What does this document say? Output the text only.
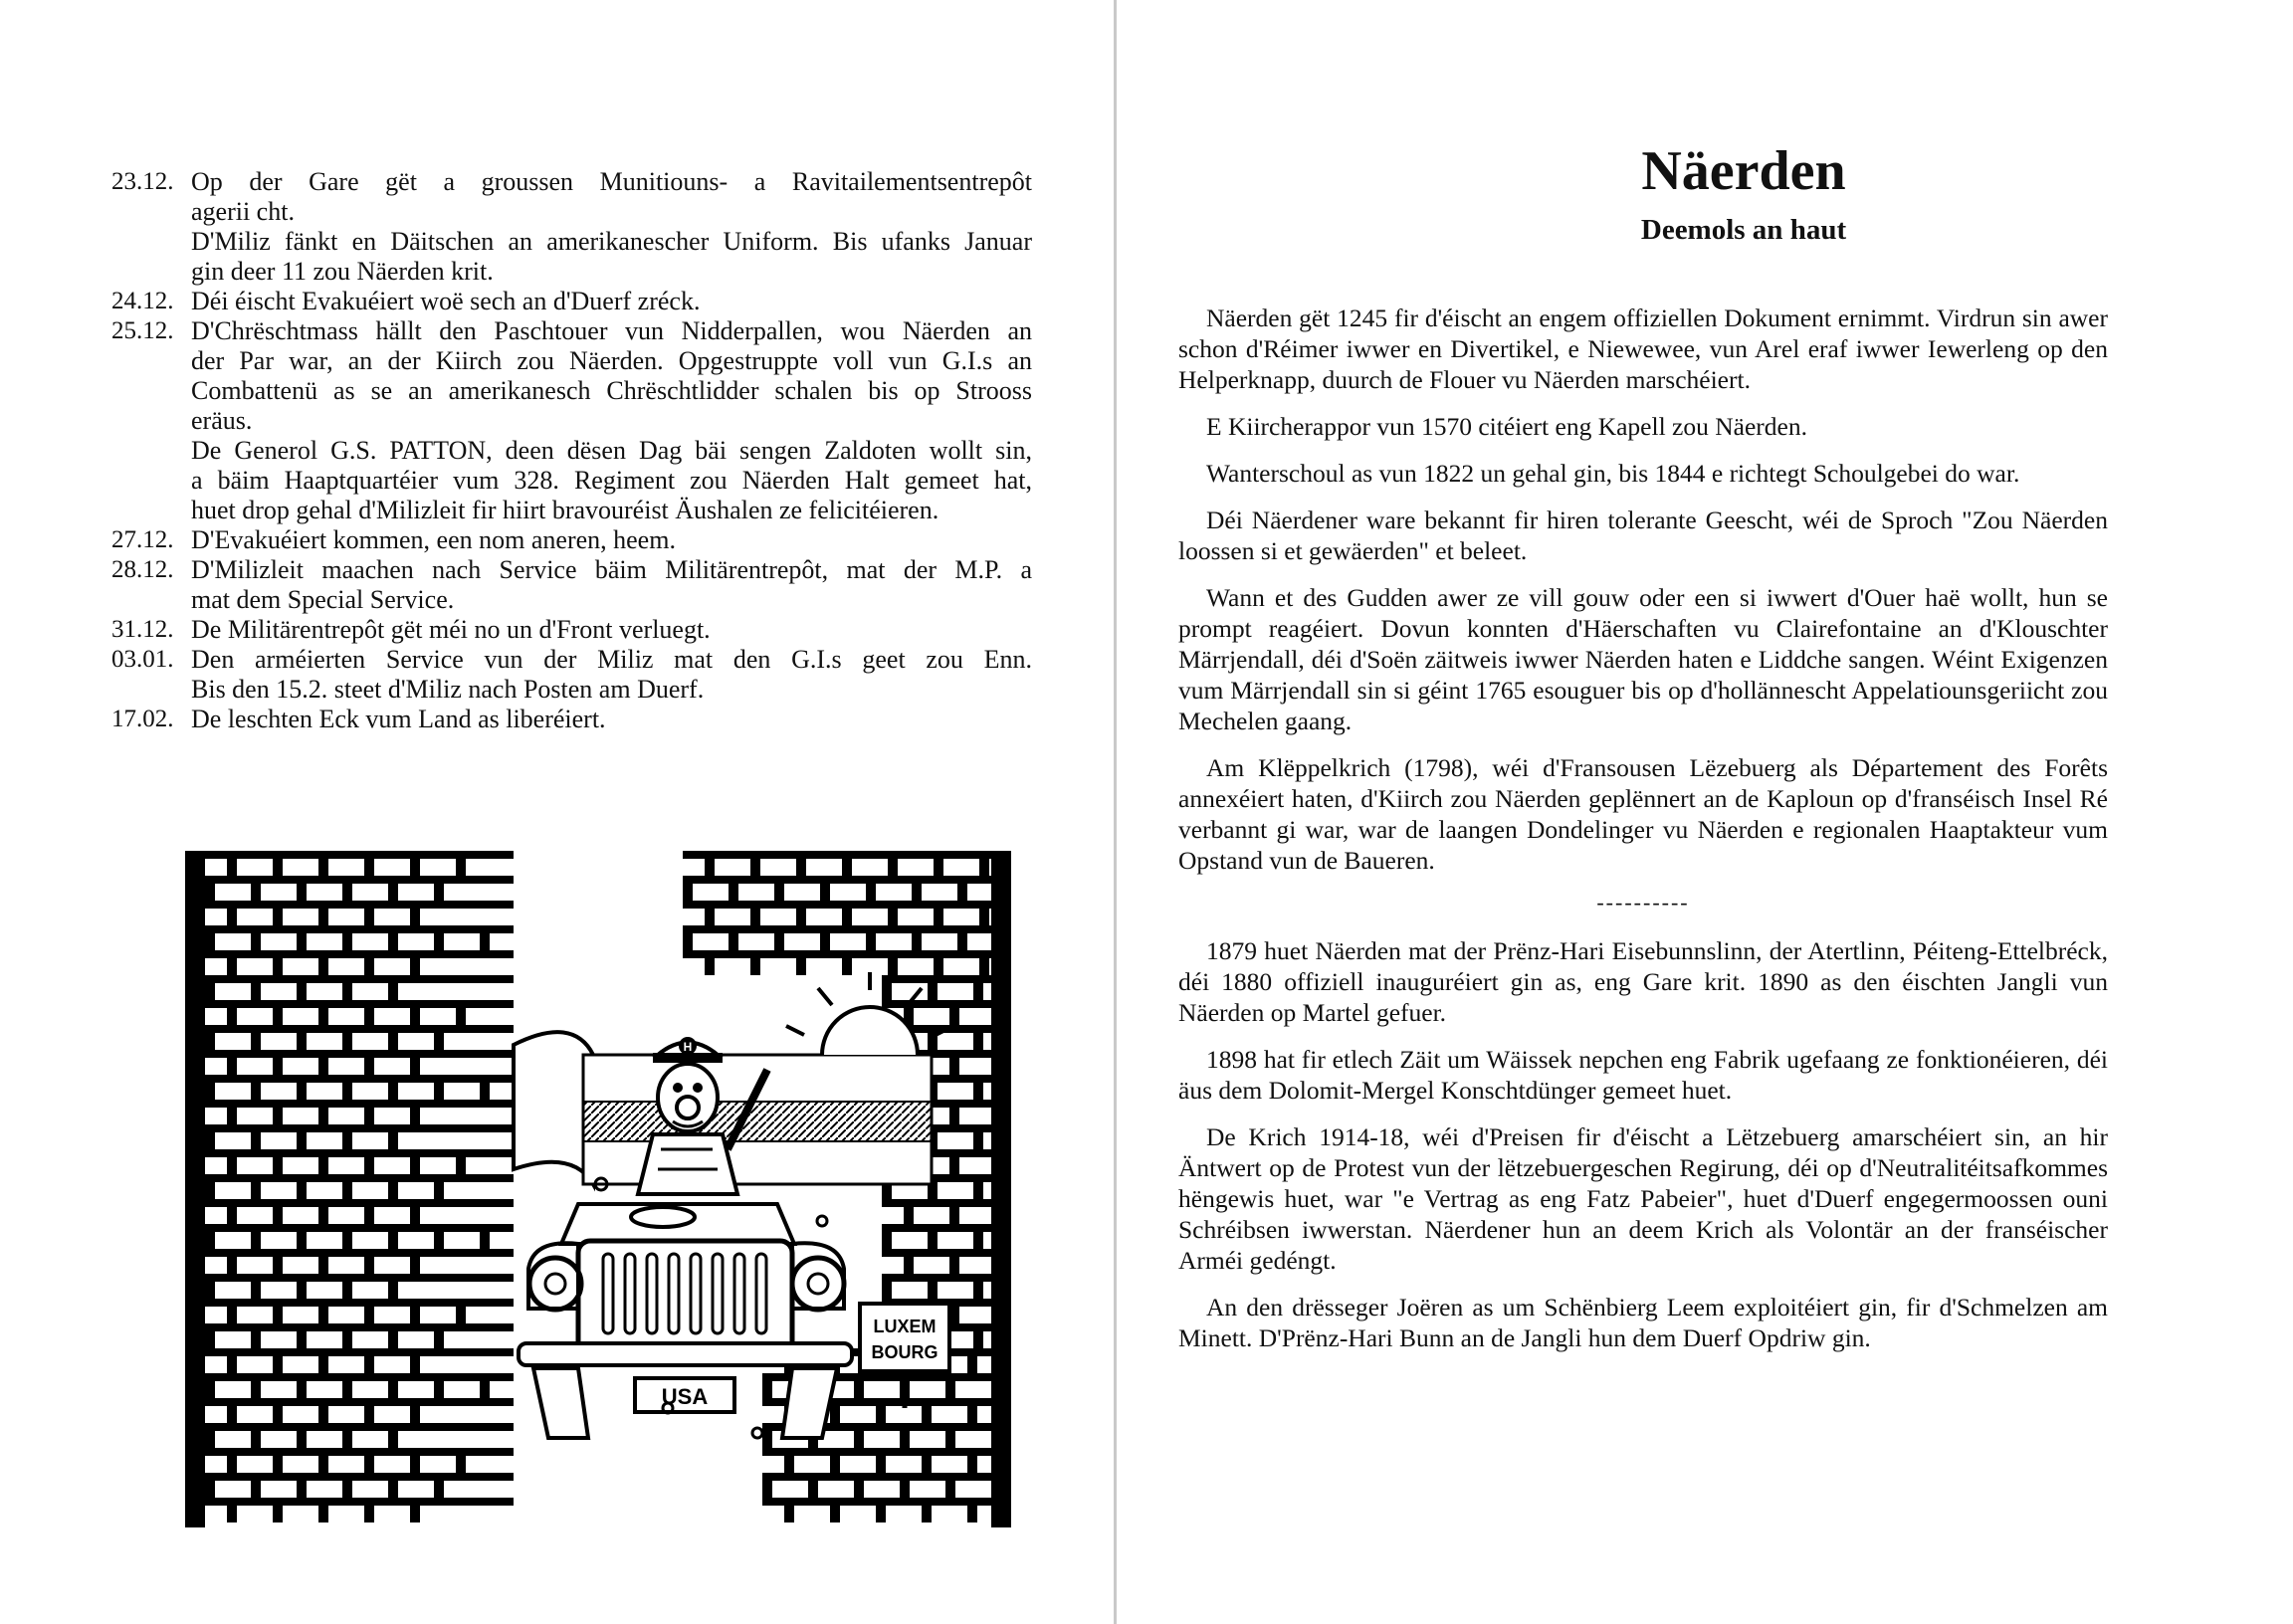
23.12. Op der Gare gët a groussen Munitiouns- a Ravitailementsentrepôt

agerii cht.

D'Miliz fänkt en Däitschen an amerikanescher Uniform. Bis ufanks Januar

gin deer 11 zou Näerden krit.

24.12. Déi éischt Evakuéiert woë sech an d'Duerf zréck.

25.12. D'Chrëschtmass hällt den Paschtouer vun Nidderpallen, wou Näerden an

der Par war, an der Kiirch zou Näerden. Opgestruppte voll vun G.I.s an

Combattenü as se an amerikanesch Chrëschtlidder schalen bis op Strooss

eräus.

De Generol G.S. PATTON, deen dësen Dag bäi sengen Zaldoten wollt sin,

a bäim Haaptquartéier vum 328. Regiment zou Näerden Halt gemeet hat,

huet drop gehal d'Milizleit fir hiirt bravouréist Äushalen ze felicitéieren.

27.12. D'Evakuéiert kommen, een nom aneren, heem.

28.12. D'Milizleit maachen nach Service bäim Militärentrepôt, mat der M.P. a

mat dem Special Service.

31.12. De Militärentrepôt gët méi no un d'Front verluegt.

03.01. Den arméierten Service vun der Miliz mat den G.I.s geet zou Enn.

Bis den 15.2. steet d'Miliz nach Posten am Duerf.

17.02. De leschten Eck vum Land as liberéiert.

H
USA
LUXEM
BOURG
Näerden
Deemols an haut

Näerden gët 1245 fir d'éischt an engem offiziellen Dokument ernimmt. Virdrun sin awer schon d'Réimer iwwer en Divertikel, e Niewewee, vun Arel eraf iwwer Iewerleng op den Helperknapp, duurch de Flouer vu Näerden marschéiert.

E Kiircherappor vun 1570 citéiert eng Kapell zou Näerden.

Wanterschoul as vun 1822 un gehal gin, bis 1844 e richtegt Schoulgebei do war.

Déi Näerdener ware bekannt fir hiren tolerante Geescht, wéi de Sproch "Zou Näerden loossen si et gewäerden" et beleet.

Wann et des Gudden awer ze vill gouw oder een si iwwert d'Ouer haë wollt, hun se prompt reagéiert. Dovun konnten d'Häerschaften vu Clairefontaine an d'Klouschter Märrjendall, déi d'Soën zäitweis iwwer Näerden haten e Liddche sangen. Wéint Exigenzen vum Märrjendall sin si géint 1765 esouguer bis op d'hollännescht Appelatiounsgeriicht zou Mechelen gaang.

Am Klëppelkrich (1798), wéi d'Fransousen Lëzebuerg als Département des Forêts annexéiert haten, d'Kiirch zou Näerden geplënnert an de Kaploun op d'franséisch Insel Ré verbannt gi war, war de laangen Dondelinger vu Näerden e regionalen Haaptakteur vum Opstand vun de Baueren.

----------

1879 huet Näerden mat der Prënz-Hari Eisebunnslinn, der Atertlinn, Péiteng-Ettelbréck, déi 1880 offiziell inauguréiert gin as, eng Gare krit. 1890 as den éischten Jangli vun Näerden op Martel gefuer.

1898 hat fir etlech Zäit um Wäissek nepchen eng Fabrik ugefaang ze fonktionéieren, déi äus dem Dolomit-Mergel Konschtdünger gemeet huet.

De Krich 1914-18, wéi d'Preisen fir d'éischt a Lëtzebuerg amarschéiert sin, an hir Äntwert op de Protest vun der lëtzebuergeschen Regirung, déi op d'Neutralitéitsafkommes hëngewis huet, war "e Vertrag as eng Fatz Pabeier", huet d'Duerf engegermoossen ouni Schréibsen iwwerstan. Näerdener hun an deem Krich als Volontär an der franséischer Arméi gedéngt.

An den drësseger Joëren as um Schënbierg Leem exploitéiert gin, fir d'Schmelzen am Minett. D'Prënz-Hari Bunn an de Jangli hun dem Duerf Opdriw gin.
